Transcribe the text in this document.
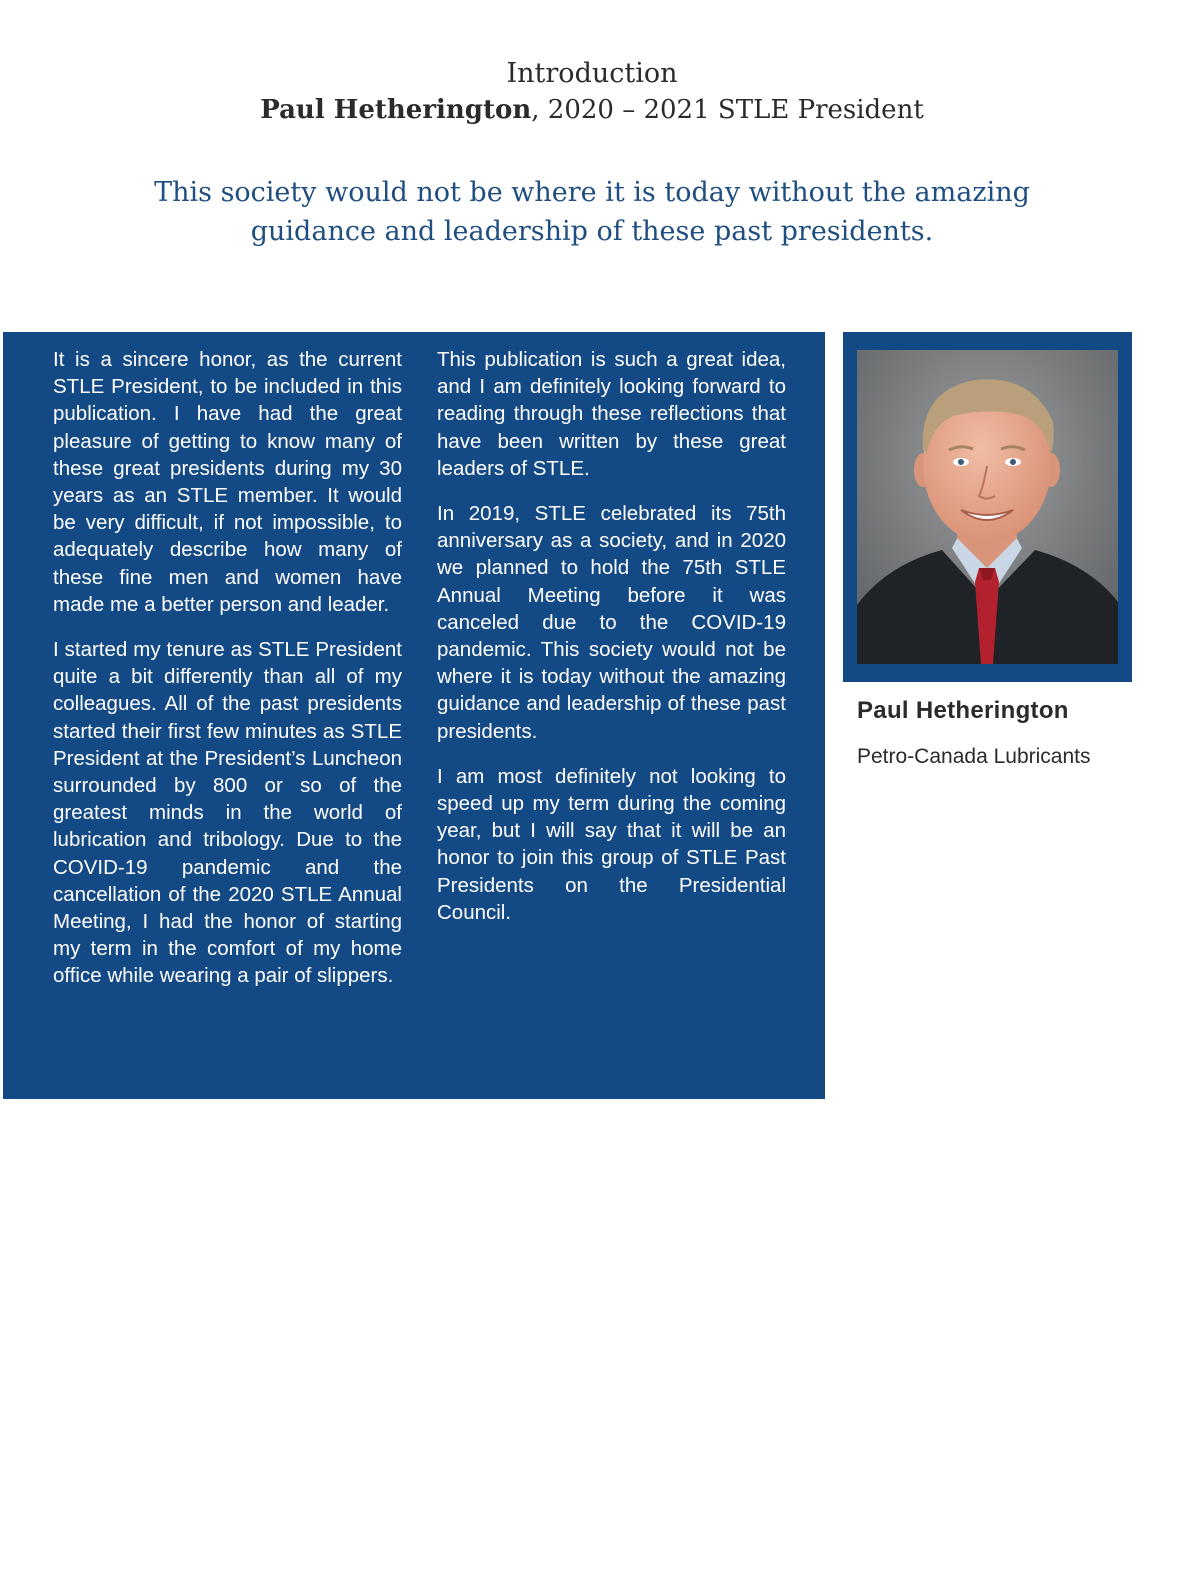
Introduction
Paul Hetherington, 2020 – 2021 STLE President
This society would not be where it is today without the amazing
guidance and leadership of these past presidents.

It is a sincere honor, as the current STLE President, to be included in this publication. I have had the great pleasure of getting to know many of these great presidents during my 30 years as an STLE member. It would be very difficult, if not impossible, to adequately describe how many of these fine men and women have made me a better person and leader.

I started my tenure as STLE President quite a bit differently than all of my colleagues. All of the past presidents started their first few minutes as STLE President at the President’s Luncheon surrounded by 800 or so of the greatest minds in the world of lubrication and tribology. Due to the COVID-19 pandemic and the cancellation of the 2020 STLE Annual Meeting, I had the honor of starting my term in the comfort of my home office while wearing a pair of slippers.

This publication is such a great idea, and I am definitely looking forward to reading through these reflections that have been written by these great leaders of STLE.

In 2019, STLE celebrated its 75th anniversary as a society, and in 2020 we planned to hold the 75th STLE Annual Meeting before it was canceled due to the COVID-19 pandemic. This society would not be where it is today without the amazing guidance and leadership of these past presidents.

I am most definitely not looking to speed up my term during the coming year, but I will say that it will be an honor to join this group of STLE Past Presidents on the Presidential Council.

Paul Hetherington
Petro-Canada Lubricants
